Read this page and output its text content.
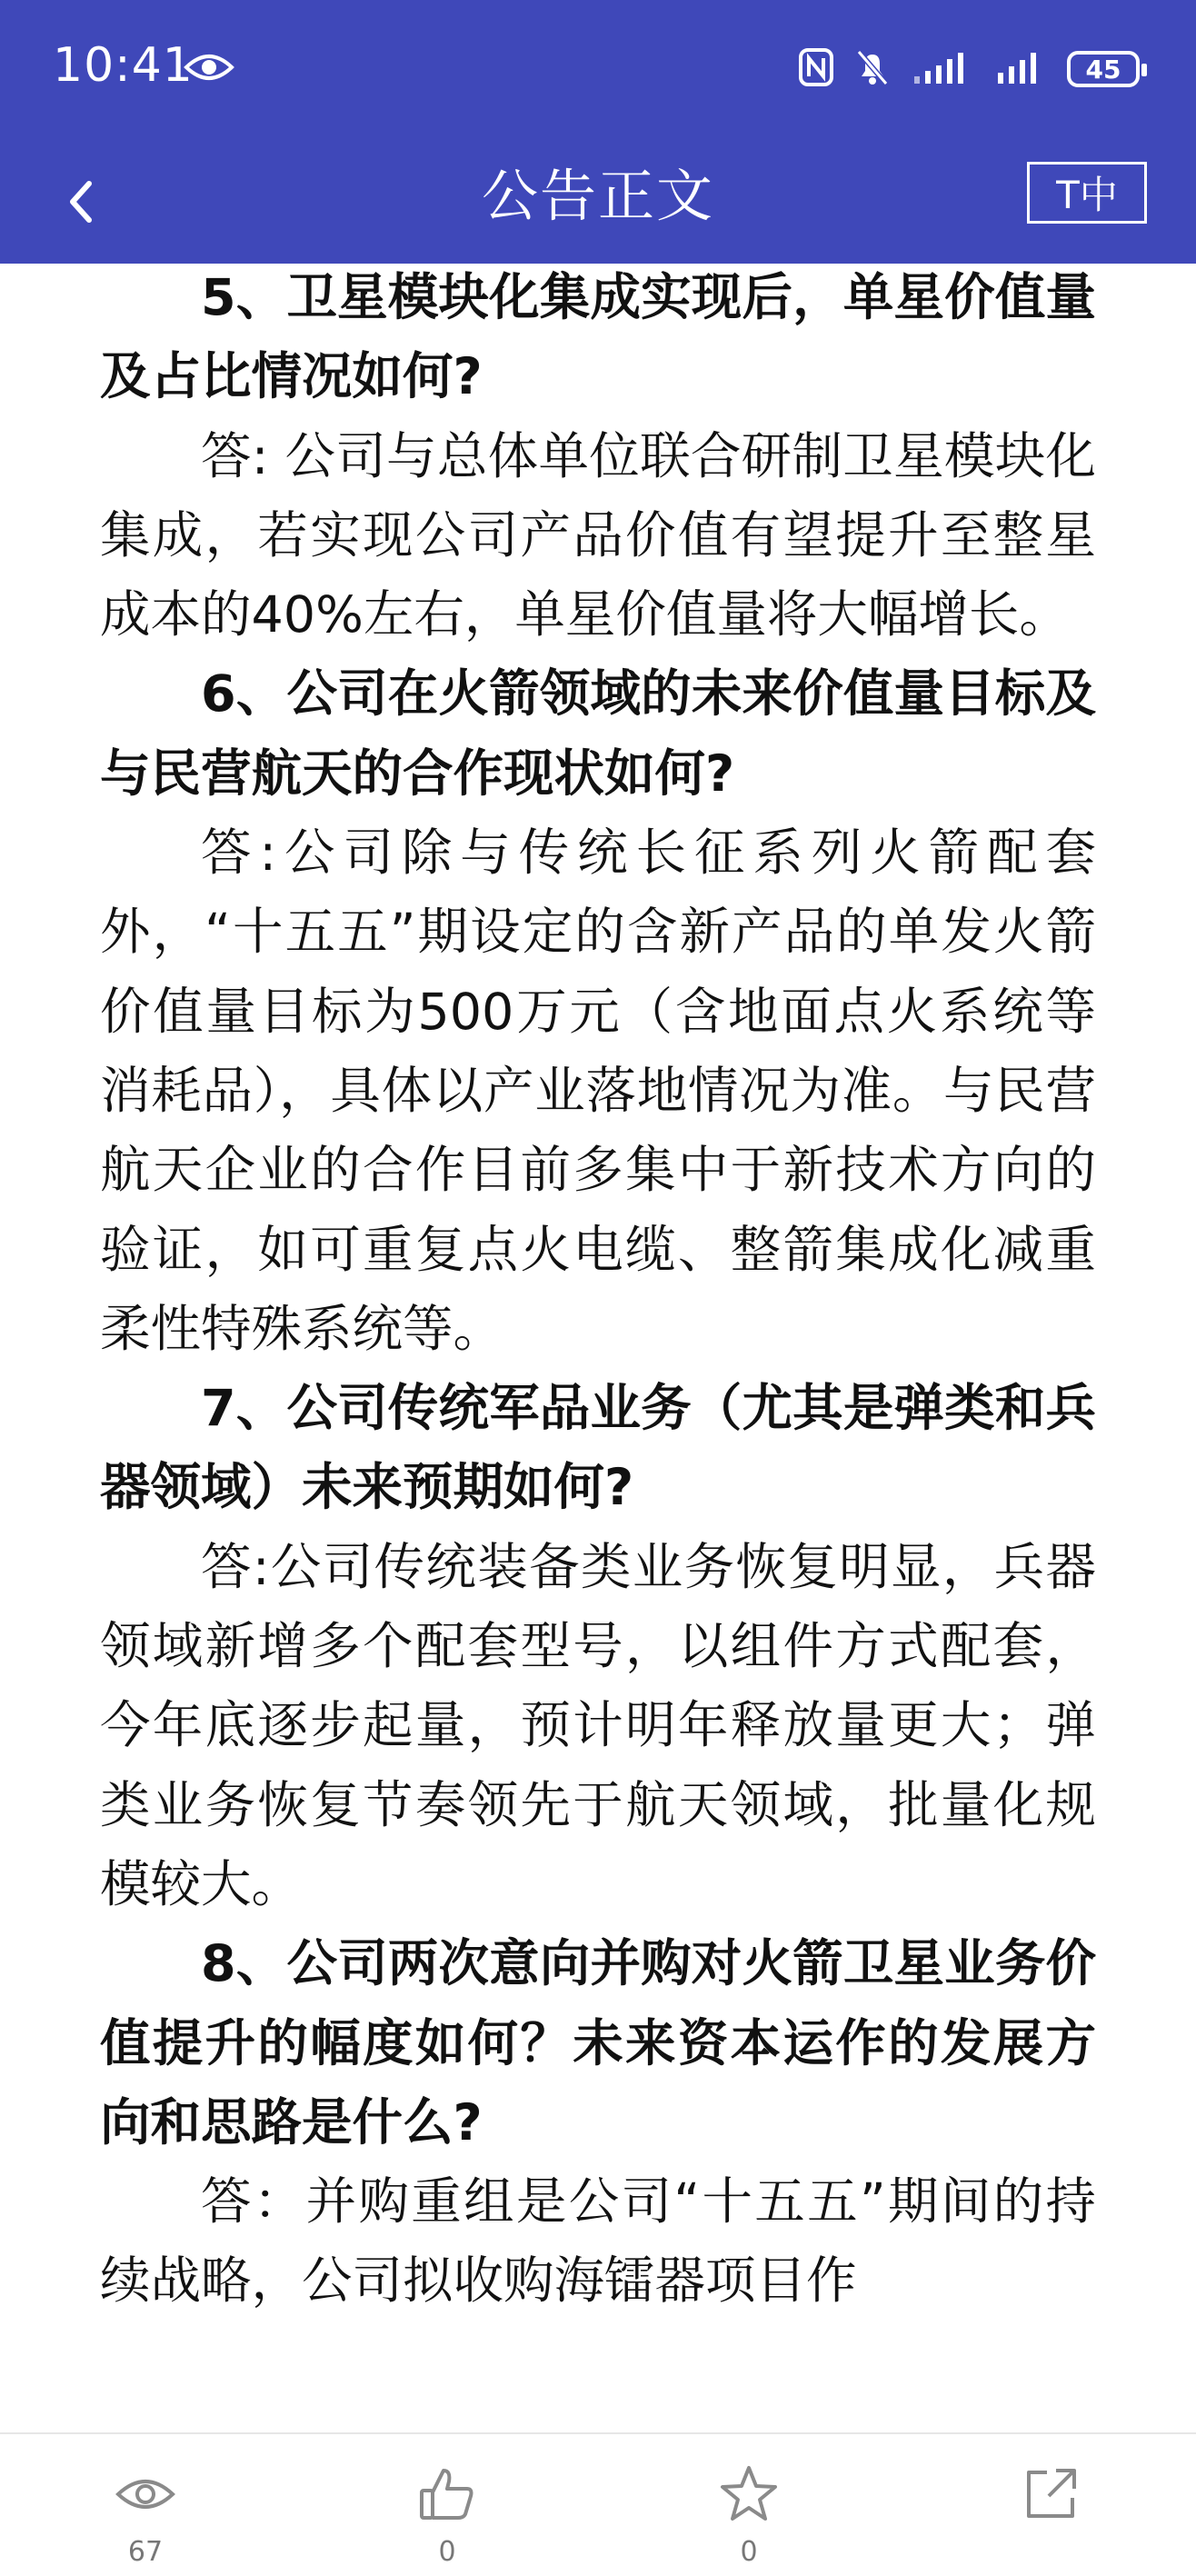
10:41	45
公告正文	T中

5、卫星模块化集成实现后，单星价值量及占比情况如何?

答: 公司与总体单位联合研制卫星模块化集成，若实现公司产品价值有望提升至整星成本的40%左右，单星价值量将大幅增长。

6、公司在火箭领域的未来价值量目标及与民营航天的合作现状如何?

答:公司除与传统长征系列火箭配套外，“十五五”期设定的含新产品的单发火箭价值量目标为500万元（含地面点火系统等消耗品），具体以产业落地情况为准。与民营航天企业的合作目前多集中于新技术方向的验证，如可重复点火电缆、整箭集成化减重柔性特殊系统等。

7、公司传统军品业务（尤其是弹类和兵器领域）未来预期如何?

答:公司传统装备类业务恢复明显，兵器领域新增多个配套型号，以组件方式配套，今年底逐步起量，预计明年释放量更大；弹类业务恢复节奏领先于航天领域，批量化规模较大。

8、公司两次意向并购对火箭卫星业务价值提升的幅度如何？未来资本运作的发展方向和思路是什么?

答：并购重组是公司“十五五”期间的持续战略，公司拟收购海镭器项目作

67	0	0
